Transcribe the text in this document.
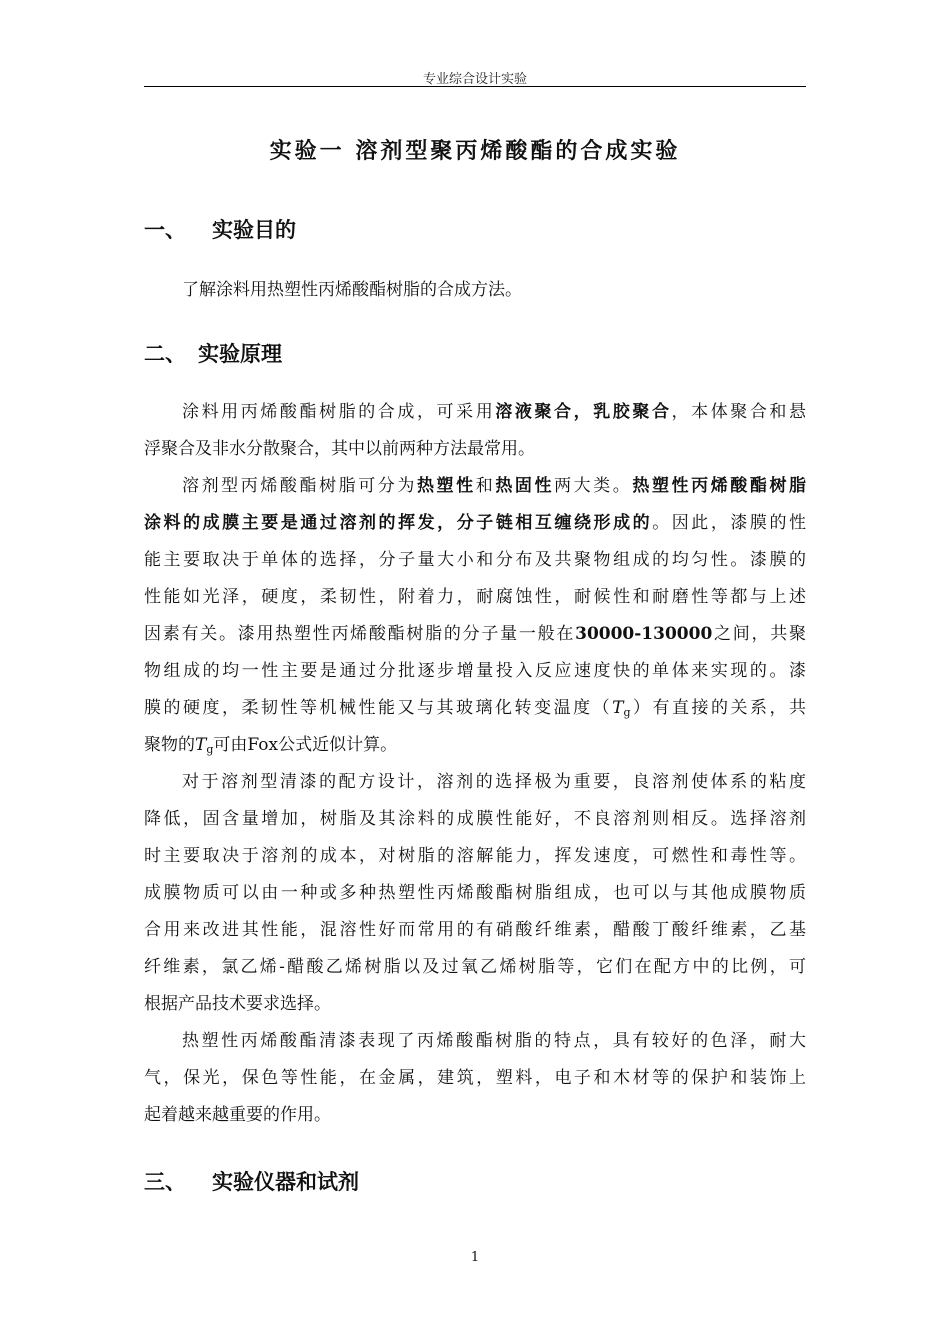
专业综合设计实验
实验一 溶剂型聚丙烯酸酯的合成实验
一、 实验目的
了解涂料用热塑性丙烯酸酯树脂的合成方法。
二、 实验原理
涂料用丙烯酸酯树脂的合成，可采用溶液聚合，乳胶聚合，本体聚合和悬
浮聚合及非水分散聚合，其中以前两种方法最常用。
溶剂型丙烯酸酯树脂可分为热塑性和热固性两大类。热塑性丙烯酸酯树脂
涂料的成膜主要是通过溶剂的挥发，分子链相互缠绕形成的。因此，漆膜的性
能主要取决于单体的选择，分子量大小和分布及共聚物组成的均匀性。漆膜的
性能如光泽，硬度，柔韧性，附着力，耐腐蚀性，耐候性和耐磨性等都与上述
因素有关。漆用热塑性丙烯酸酯树脂的分子量一般在30000-130000之间，共聚
物组成的均一性主要是通过分批逐步增量投入反应速度快的单体来实现的。漆
膜的硬度，柔韧性等机械性能又与其玻璃化转变温度$(T_g)$有直接的关系，共
聚物的$T_g$可由Fox公式近似计算。
对于溶剂型清漆的配方设计，溶剂的选择极为重要，良溶剂使体系的粘度
降低，固含量增加，树脂及其涂料的成膜性能好，不良溶剂则相反。选择溶剂
时主要取决于溶剂的成本，对树脂的溶解能力，挥发速度，可燃性和毒性等。
成膜物质可以由一种或多种热塑性丙烯酸酯树脂组成，也可以与其他成膜物质
合用来改进其性能，混溶性好而常用的有硝酸纤维素，醋酸丁酸纤维素，乙基
纤维素，氯乙烯-醋酸乙烯树脂以及过氧乙烯树脂等，它们在配方中的比例，可
根据产品技术要求选择。
热塑性丙烯酸酯清漆表现了丙烯酸酯树脂的特点，具有较好的色泽，耐大
气，保光，保色等性能，在金属，建筑，塑料，电子和木材等的保护和装饰上
起着越来越重要的作用。
三、 实验仪器和试剂
1
